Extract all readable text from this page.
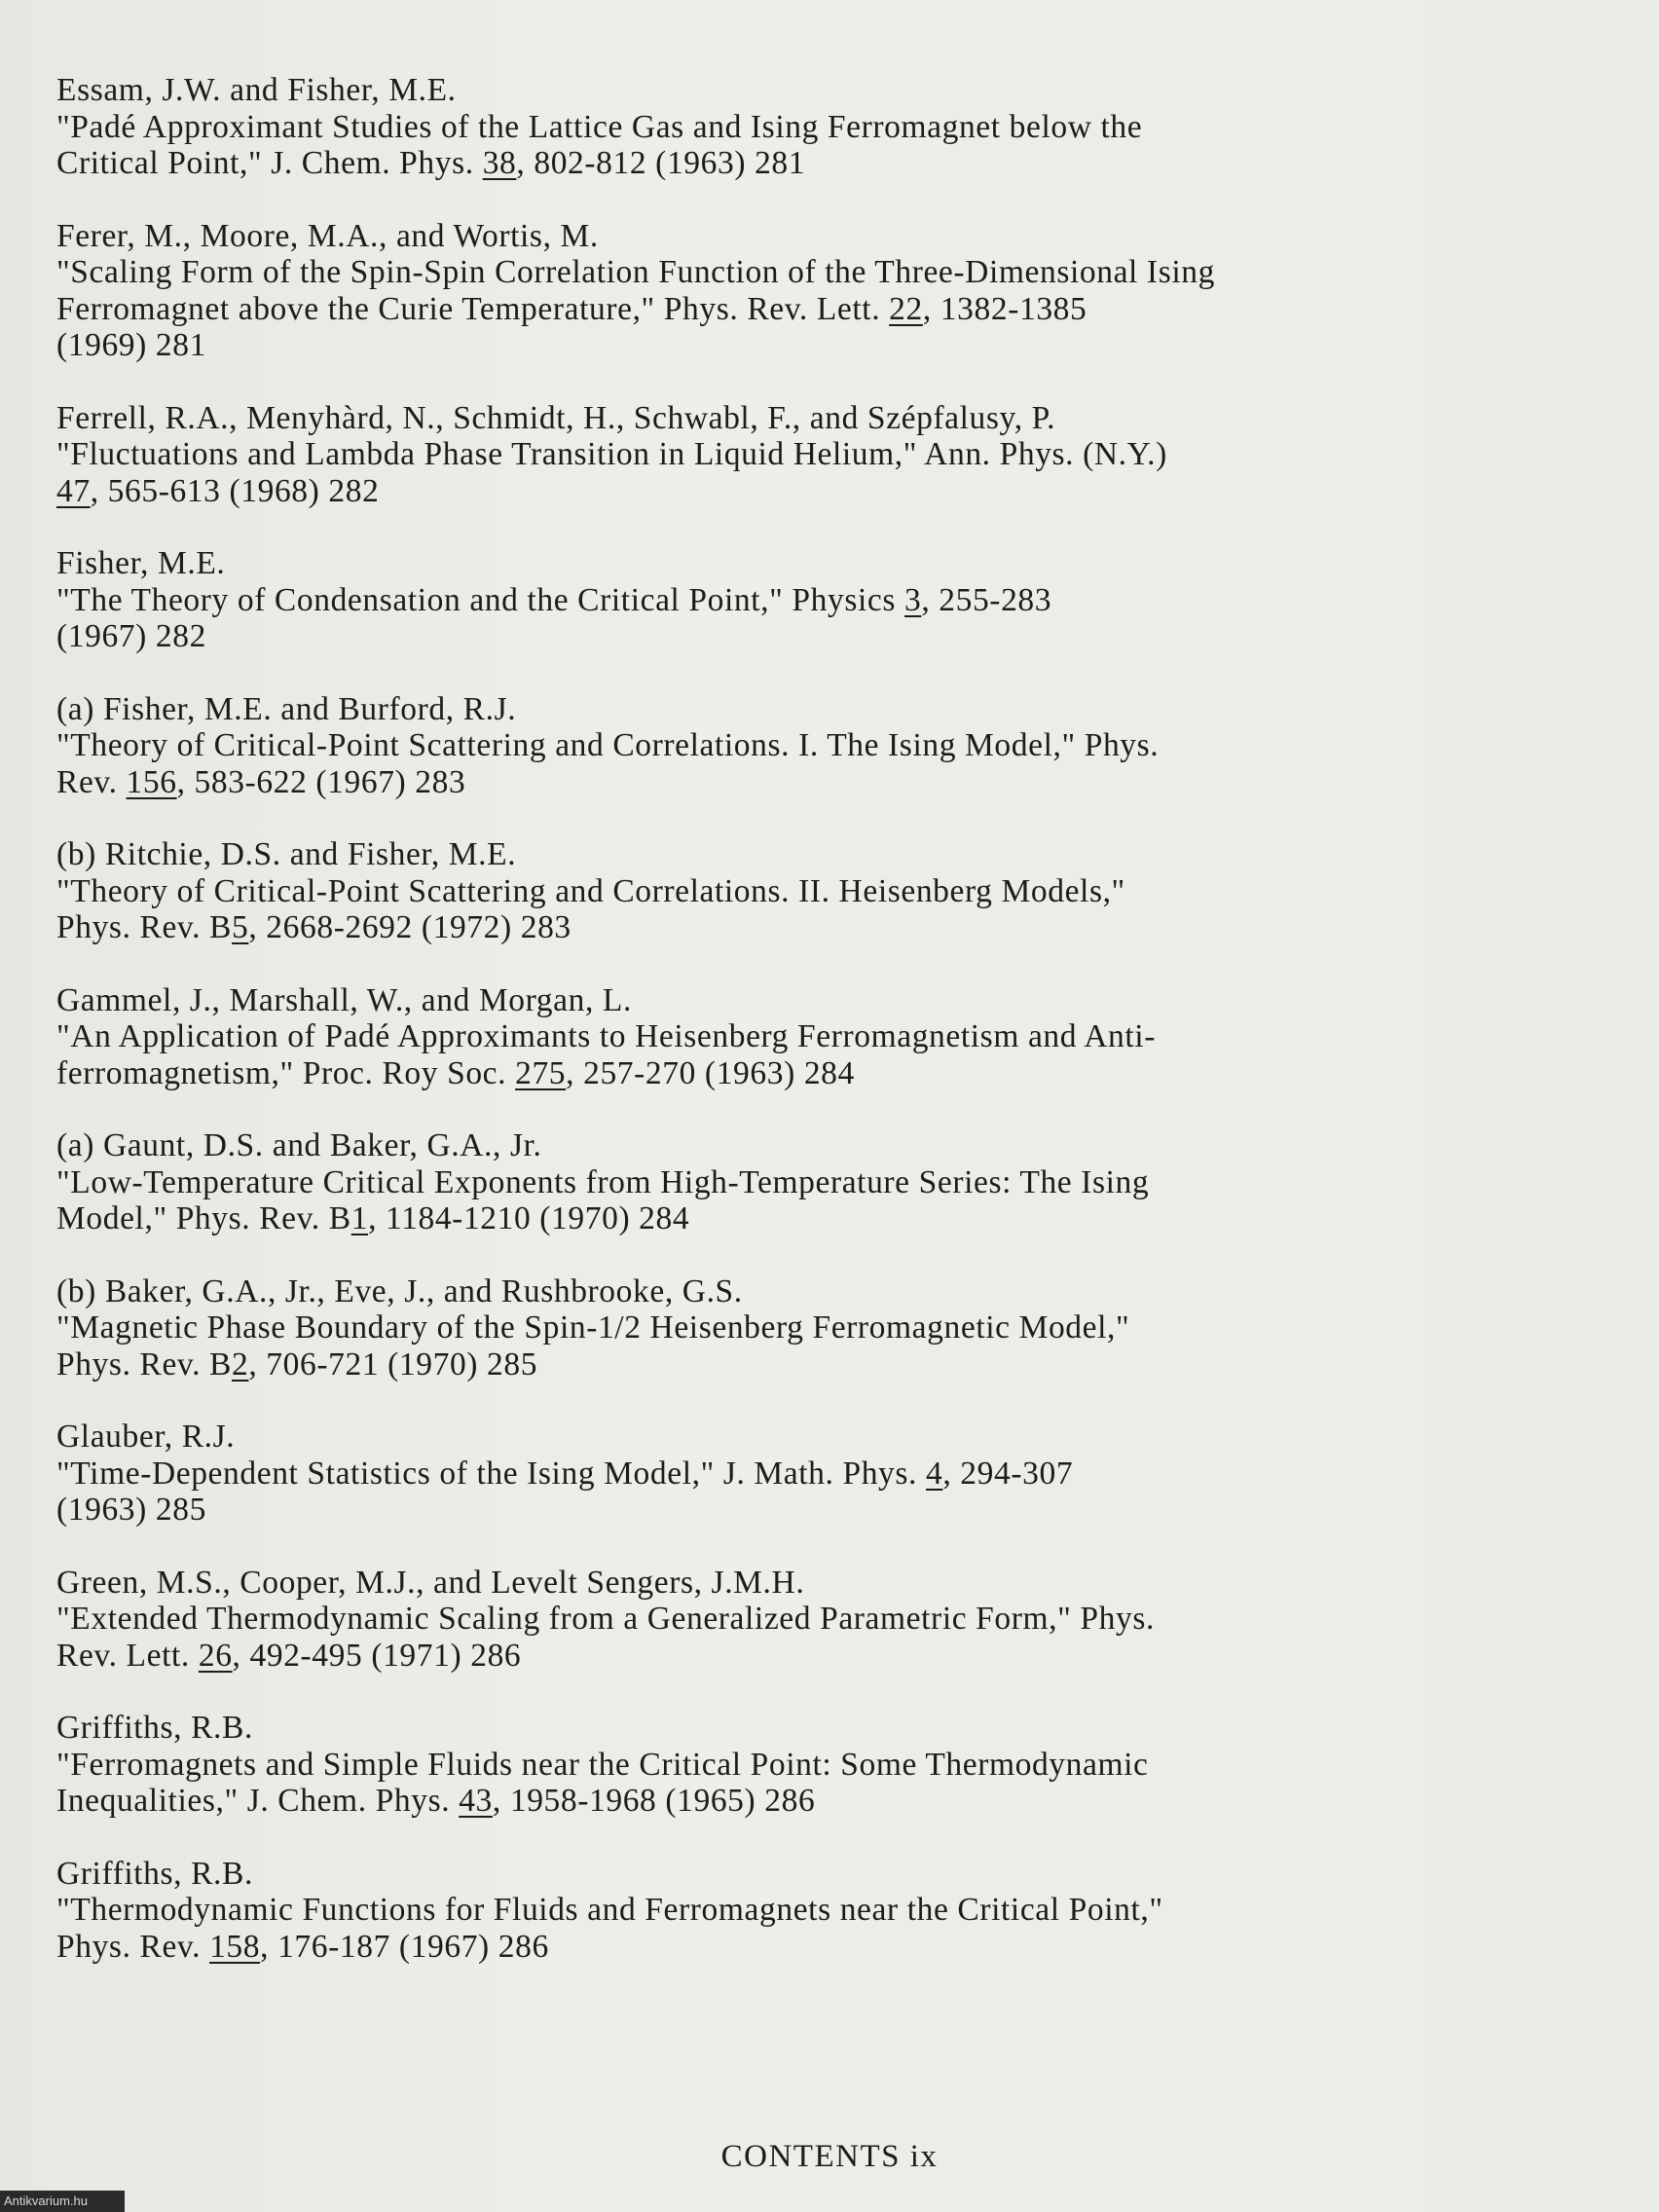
Essam, J.W. and Fisher, M.E.
"Padé Approximant Studies of the Lattice Gas and Ising Ferromagnet below the
Critical Point," J. Chem. Phys. 38, 802-812 (1963) 281
Ferer, M., Moore, M.A., and Wortis, M.
"Scaling Form of the Spin-Spin Correlation Function of the Three-Dimensional Ising
Ferromagnet above the Curie Temperature," Phys. Rev. Lett. 22, 1382-1385
(1969) 281
Ferrell, R.A., Menyhàrd, N., Schmidt, H., Schwabl, F., and Szépfalusy, P.
"Fluctuations and Lambda Phase Transition in Liquid Helium," Ann. Phys. (N.Y.)
47, 565-613 (1968) 282
Fisher, M.E.
"The Theory of Condensation and the Critical Point," Physics 3, 255-283
(1967) 282
(a) Fisher, M.E. and Burford, R.J.
"Theory of Critical-Point Scattering and Correlations. I. The Ising Model," Phys.
Rev. 156, 583-622 (1967) 283
(b) Ritchie, D.S. and Fisher, M.E.
"Theory of Critical-Point Scattering and Correlations. II. Heisenberg Models,"
Phys. Rev. B5, 2668-2692 (1972) 283
Gammel, J., Marshall, W., and Morgan, L.
"An Application of Padé Approximants to Heisenberg Ferromagnetism and Anti-
ferromagnetism," Proc. Roy Soc. 275, 257-270 (1963) 284
(a) Gaunt, D.S. and Baker, G.A., Jr.
"Low-Temperature Critical Exponents from High-Temperature Series: The Ising
Model," Phys. Rev. B1, 1184-1210 (1970) 284
(b) Baker, G.A., Jr., Eve, J., and Rushbrooke, G.S.
"Magnetic Phase Boundary of the Spin-1/2 Heisenberg Ferromagnetic Model,"
Phys. Rev. B2, 706-721 (1970) 285
Glauber, R.J.
"Time-Dependent Statistics of the Ising Model," J. Math. Phys. 4, 294-307
(1963) 285
Green, M.S., Cooper, M.J., and Levelt Sengers, J.M.H.
"Extended Thermodynamic Scaling from a Generalized Parametric Form," Phys.
Rev. Lett. 26, 492-495 (1971) 286
Griffiths, R.B.
"Ferromagnets and Simple Fluids near the Critical Point: Some Thermodynamic
Inequalities," J. Chem. Phys. 43, 1958-1968 (1965) 286
Griffiths, R.B.
"Thermodynamic Functions for Fluids and Ferromagnets near the Critical Point,"
Phys. Rev. 158, 176-187 (1967) 286
CONTENTS ix
Antikvarium.hu
